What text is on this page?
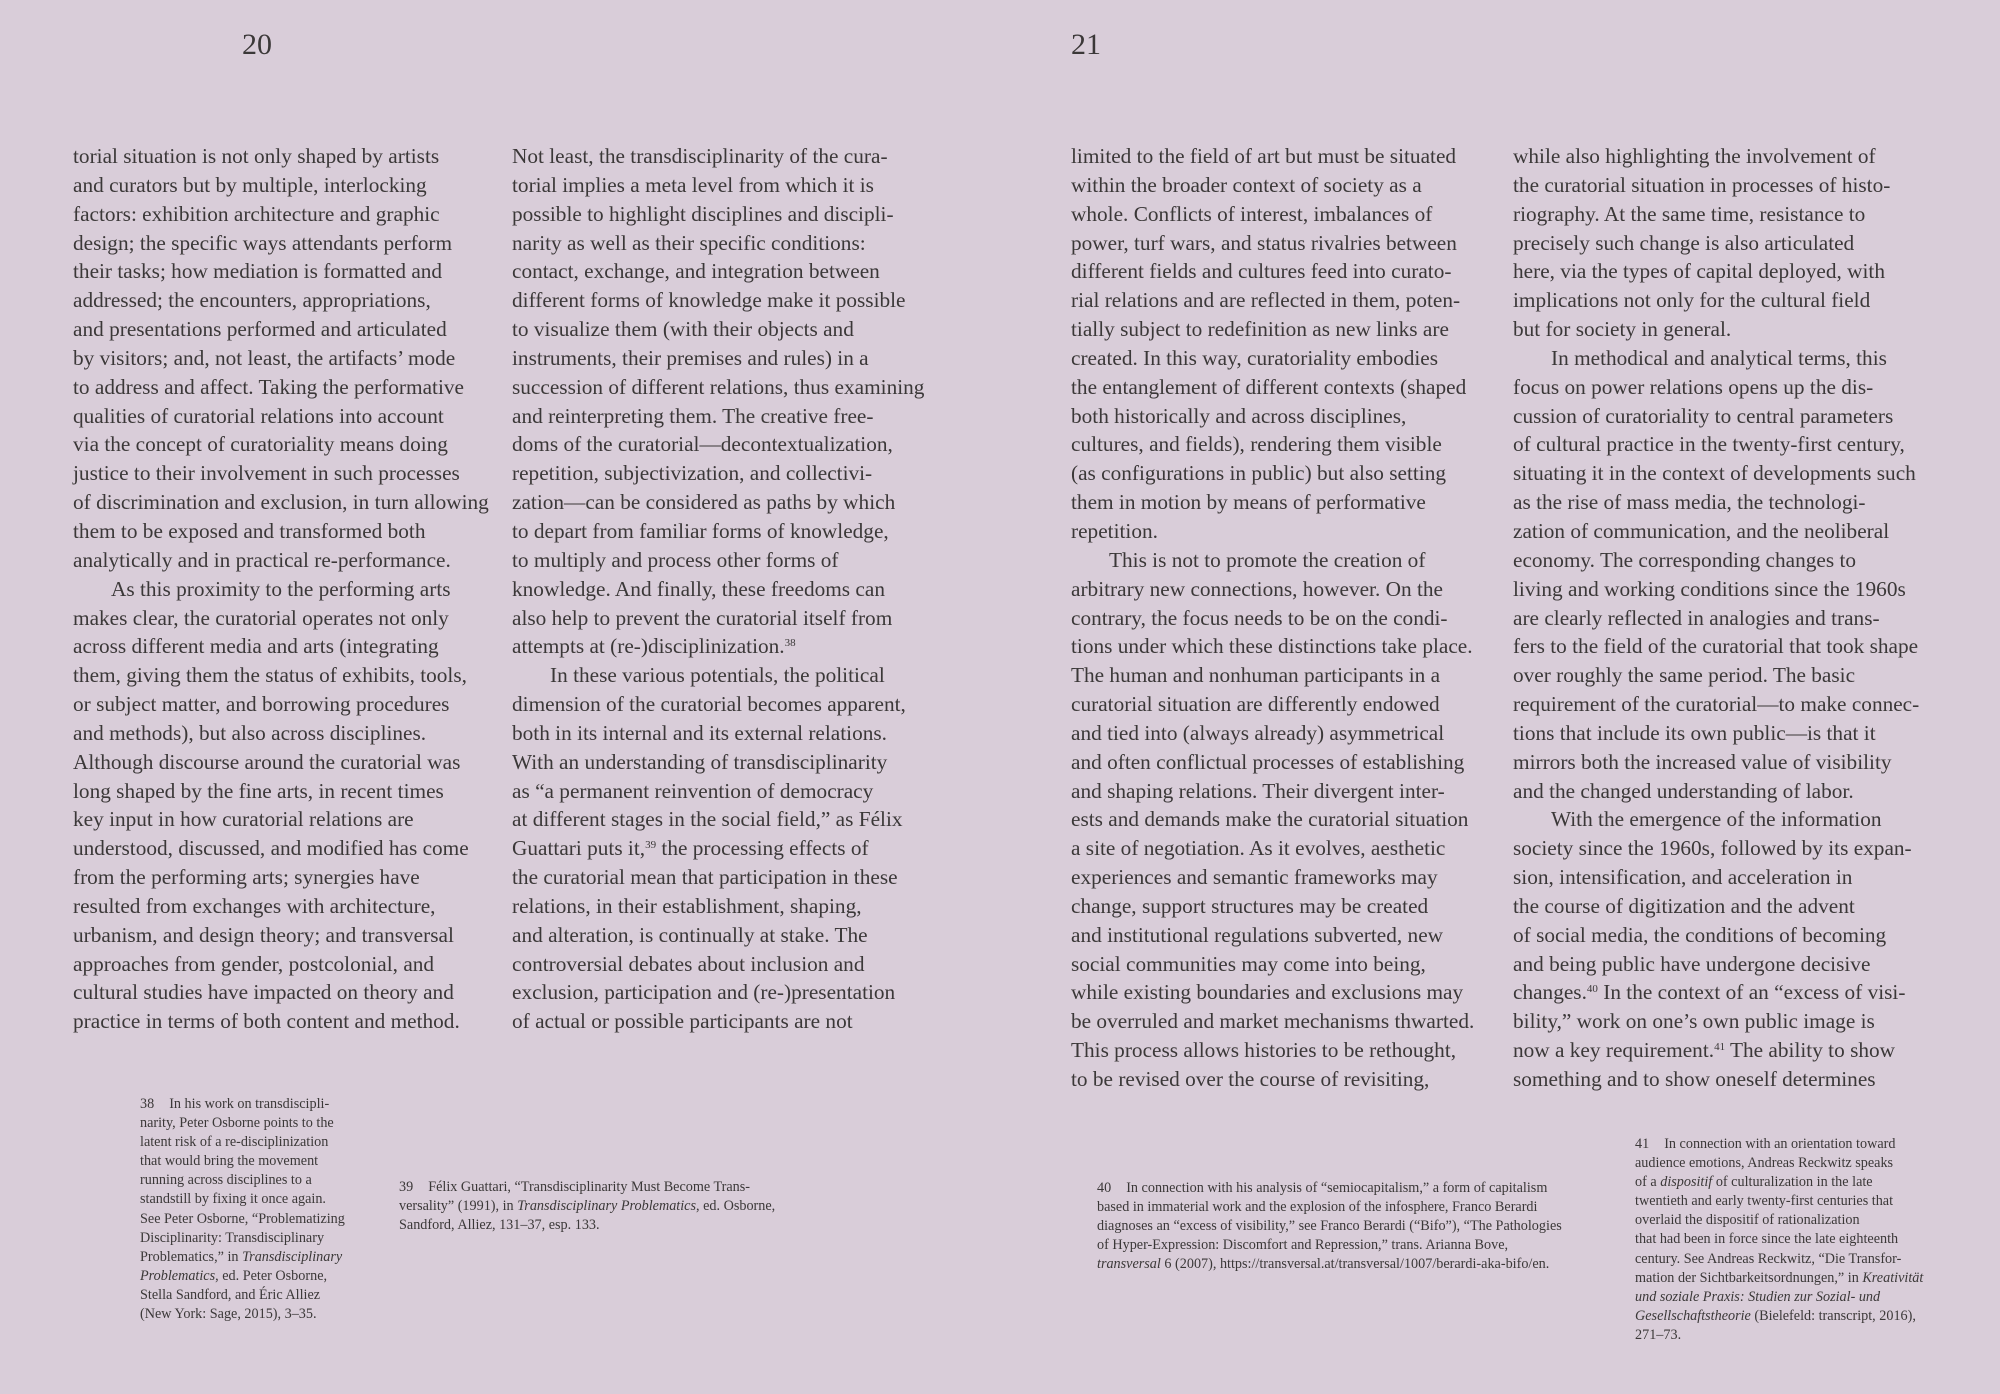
20	21
torial situation is not only shaped by artists
and curators but by multiple, interlocking
factors: exhibition architecture and graphic
design; the specific ways attendants perform
their tasks; how mediation is formatted and
addressed; the encounters, appropriations,
and presentations performed and articulated
by visitors; and, not least, the artifacts’ mode
to address and affect. Taking the performative
qualities of curatorial relations into account
via the concept of curatoriality means doing
justice to their involvement in such processes
of discrimination and exclusion, in turn allowing
them to be exposed and transformed both
analytically and in practical re-performance.
As this proximity to the performing arts
makes clear, the curatorial operates not only
across different media and arts (integrating
them, giving them the status of exhibits, tools,
or subject matter, and borrowing procedures
and methods), but also across disciplines.
Although discourse around the curatorial was
long shaped by the fine arts, in recent times
key input in how curatorial relations are
understood, discussed, and modified has come
from the performing arts; synergies have
resulted from exchanges with architecture,
urbanism, and design theory; and transversal
approaches from gender, postcolonial, and
cultural studies have impacted on theory and
practice in terms of both content and method.
Not least, the transdisciplinarity of the cura-
torial implies a meta level from which it is
possible to highlight disciplines and discipli-
narity as well as their specific conditions:
contact, exchange, and integration between
different forms of knowledge make it possible
to visualize them (with their objects and
instruments, their premises and rules) in a
succession of different relations, thus examining
and reinterpreting them. The creative free-
doms of the curatorial—decontextualization,
repetition, subjectivization, and collectivi-
zation—can be considered as paths by which
to depart from familiar forms of knowledge,
to multiply and process other forms of
knowledge. And finally, these freedoms can
also help to prevent the curatorial itself from
attempts at (re-)disciplinization.$^{38}$
In these various potentials, the political
dimension of the curatorial becomes apparent,
both in its internal and its external relations.
With an understanding of transdisciplinarity
as “a permanent reinvention of democracy
at different stages in the social field,” as Félix
Guattari puts it,$^{39}$ the processing effects of
the curatorial mean that participation in these
relations, in their establishment, shaping,
and alteration, is continually at stake. The
controversial debates about inclusion and
exclusion, participation and (re-)presentation
of actual or possible participants are not
limited to the field of art but must be situated
within the broader context of society as a
whole. Conflicts of interest, imbalances of
power, turf wars, and status rivalries between
different fields and cultures feed into curato-
rial relations and are reflected in them, poten-
tially subject to redefinition as new links are
created. In this way, curatoriality embodies
the entanglement of different contexts (shaped
both historically and across disciplines,
cultures, and fields), rendering them visible
(as configurations in public) but also setting
them in motion by means of performative
repetition.
This is not to promote the creation of
arbitrary new connections, however. On the
contrary, the focus needs to be on the condi-
tions under which these distinctions take place.
The human and nonhuman participants in a
curatorial situation are differently endowed
and tied into (always already) asymmetrical
and often conflictual processes of establishing
and shaping relations. Their divergent inter-
ests and demands make the curatorial situation
a site of negotiation. As it evolves, aesthetic
experiences and semantic frameworks may
change, support structures may be created
and institutional regulations subverted, new
social communities may come into being,
while existing boundaries and exclusions may
be overruled and market mechanisms thwarted.
This process allows histories to be rethought,
to be revised over the course of revisiting,
while also highlighting the involvement of
the curatorial situation in processes of histo-
riography. At the same time, resistance to
precisely such change is also articulated
here, via the types of capital deployed, with
implications not only for the cultural field
but for society in general.
In methodical and analytical terms, this
focus on power relations opens up the dis-
cussion of curatoriality to central parameters
of cultural practice in the twenty-first century,
situating it in the context of developments such
as the rise of mass media, the technologi-
zation of communication, and the neoliberal
economy. The corresponding changes to
living and working conditions since the 1960s
are clearly reflected in analogies and trans-
fers to the field of the curatorial that took shape
over roughly the same period. The basic
requirement of the curatorial—to make connec-
tions that include its own public—is that it
mirrors both the increased value of visibility
and the changed understanding of labor.
With the emergence of the information
society since the 1960s, followed by its expan-
sion, intensification, and acceleration in
the course of digitization and the advent
of social media, the conditions of becoming
and being public have undergone decisive
changes.$^{40}$ In the context of an “excess of visi-
bility,” work on one’s own public image is
now a key requirement.$^{41}$ The ability to show
something and to show oneself determines
38 In his work on transdiscipli-
narity, Peter Osborne points to the
latent risk of a re-disciplinization
that would bring the movement
running across disciplines to a
standstill by fixing it once again.
See Peter Osborne, “Problematizing
Disciplinarity: Transdisciplinary
Problematics,” in Transdisciplinary
Problematics, ed. Peter Osborne,
Stella Sandford, and Éric Alliez
(New York: Sage, 2015), 3–35.
39 Félix Guattari, “Transdisciplinarity Must Become Trans-
versality” (1991), in Transdisciplinary Problematics, ed. Osborne,
Sandford, Alliez, 131–37, esp. 133.
40 In connection with his analysis of “semiocapitalism,” a form of capitalism
based in immaterial work and the explosion of the infosphere, Franco Berardi
diagnoses an “excess of visibility,” see Franco Berardi (“Bifo”), “The Pathologies
of Hyper-Expression: Discomfort and Repression,” trans. Arianna Bove,
transversal 6 (2007), https://transversal.at/transversal/1007/berardi-aka-bifo/en.
41 In connection with an orientation toward
audience emotions, Andreas Reckwitz speaks
of a dispositif of culturalization in the late
twentieth and early twenty-first centuries that
overlaid the dispositif of rationalization
that had been in force since the late eighteenth
century. See Andreas Reckwitz, “Die Transfor-
mation der Sichtbarkeitsordnungen,” in Kreativität
und soziale Praxis: Studien zur Sozial- und
Gesellschaftstheorie (Bielefeld: transcript, 2016),
271–73.
